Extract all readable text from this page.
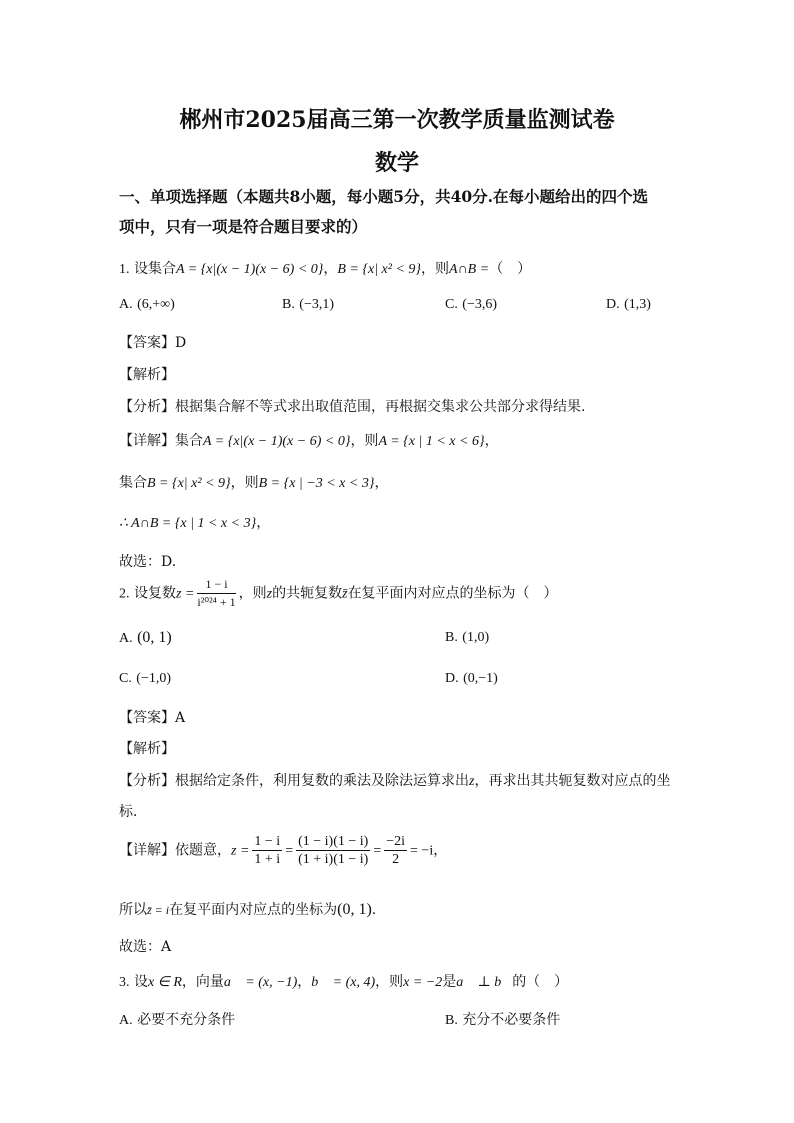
郴州市2025届高三第一次教学质量监测试卷
数学
一、单项选择题（本题共8小题，每小题5分，共40分.在每小题给出的四个选
项中，只有一项是符合题目要求的）
1. 设集合A = {x|(x − 1)(x − 6) < 0}，B = {x| x² < 9}，则A∩B =（　）
A. (6,+∞)	B. (−3,1)	C. (−3,6)	D. (1,3)
【答案】D
【解析】
【分析】根据集合解不等式求出取值范围，再根据交集求公共部分求得结果.
【详解】集合A = {x|(x − 1)(x − 6) < 0}，则A = {x | 1 < x < 6}，
集合B = {x| x² < 9}，则B = {x | −3 < x < 3}，
∴ A∩B = {x | 1 < x < 3}，
故选：D.
2. 设复数$z = \frac{1 - i}{\text{i²⁰²⁴ + 1}}$ ，则z的共轭复数z̄在复平面内对应点的坐标为（　）
A. (0, 1)	B. (1,0)
C. (−1,0)	D. (0,−1)
【答案】A
【解析】
【分析】根据给定条件，利用复数的乘法及除法运算求出z，再求出其共轭复数对应点的坐
标.
【详解】依题意，$z = \frac{1 - i}{1 + i} = \frac{(1 - i)(1 - i)}{(1 + i)(1 - i)} = \frac{-2i}{2} = -i$，
所以z̄ = i在复平面内对应点的坐标为(0, 1).
故选：A
3. 设x ∈ R，向量a⃗ = (x, −1)，b⃗ = (x, 4)，则x = −2是a⃗ ⊥ b⃗的（　）
A. 必要不充分条件	B. 充分不必要条件
